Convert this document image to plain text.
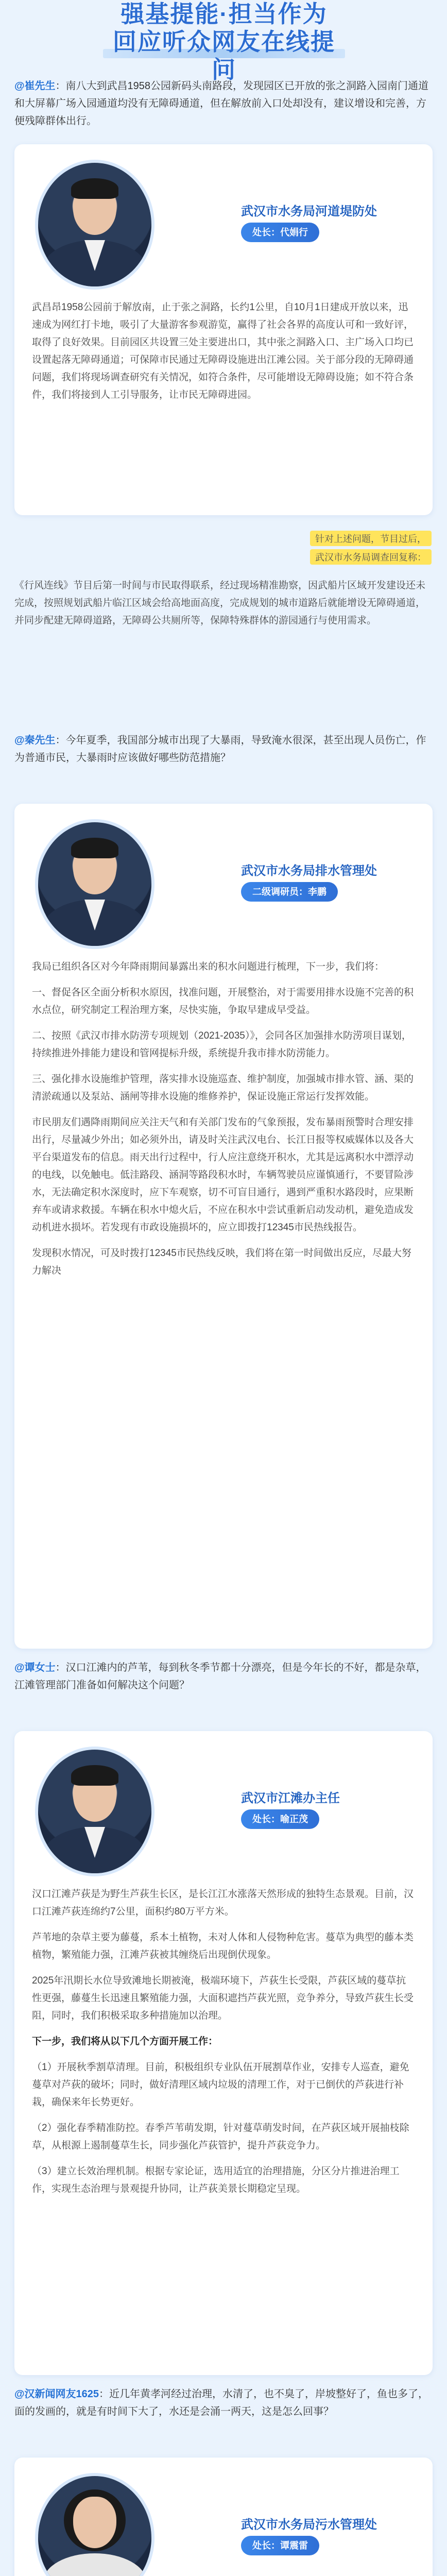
强基提能·担当作为
回应听众网友在线提问
@崔先生：南八大到武昌1958公园新码头南路段，发现园区已开放的张之洞路入园南门通道和大屏幕广场入园通道均没有无障碍通道，但在解放前入口处却没有，建议增设和完善，方便残障群体出行。
武汉市水务局河道堤防处
处长：代娟行

武昌昂1958公园前于解放南，止于张之洞路，长约1公里，自10月1日建成开放以来，迅速成为网红打卡地，吸引了大量游客参观游览，赢得了社会各界的高度认可和一致好评，取得了良好效果。目前园区共设置三处主要进出口，其中张之洞路入口、主广场入口均已设置起落无障碍通道；可保障市民通过无障碍设施进出江滩公园。关于部分段的无障碍通问题，我们将现场调查研究有关情况，如符合条件，尽可能增设无障碍设施；如不符合条件，我们将接到人工引导服务，让市民无障碍进园。

针对上述问题，节目过后，
武汉市水务局调查回复称：
《行风连线》节目后第一时间与市民取得联系，经过现场精准勘察，因武船片区域开发建设还未完成，按照规划武船片临江区域会给高地面高度，完成规划的城市道路后就能增设无障碍通道，并同步配建无障碍道路，无障碍公共厕所等，保障特殊群体的游园通行与使用需求。
@秦先生：今年夏季，我国部分城市出现了大暴雨，导致淹水很深，甚至出现人员伤亡，作为普通市民，大暴雨时应该做好哪些防范措施？
武汉市水务局排水管理处
二级调研员：李鹏

我局已组织各区对今年降雨期间暴露出来的积水问题进行梳理，下一步，我们将：

一、督促各区全面分析积水原因，找准问题，开展整治，对于需要用排水设施不完善的积水点位，研究制定工程治理方案，尽快实施，争取早建成早受益。

二、按照《武汉市排水防涝专项规划（2021-2035）》，会同各区加强排水防涝项目谋划，持续推进外排能力建设和管网提标升级，系统提升我市排水防涝能力。

三、强化排水设施维护管理，落实排水设施巡查、维护制度，加强城市排水管、涵、渠的清淤疏通以及泵站、涵闸等排水设施的维修养护，保证设施正常运行发挥效能。

市民朋友们遇降雨期间应关注天气和有关部门发布的气象预报，发布暴雨预警时合理安排出行，尽量减少外出；如必须外出，请及时关注武汉电台、长江日报等权威媒体以及各大平台渠道发布的信息。雨天出行过程中，行人应注意绕开积水，尤其是远离积水中漂浮动的电线，以免触电。低洼路段、涵洞等路段积水时，车辆驾驶员应谨慎通行，不要冒险涉水，无法确定积水深度时，应下车观察，切不可盲目通行，遇到严重积水路段时，应果断弃车或请求救援。车辆在积水中熄火后，不应在积水中尝试重新启动发动机，避免造成发动机进水损坏。若发现有市政设施损坏的，应立即拨打12345市民热线报告。

发现积水情况，可及时拨打12345市民热线反映，我们将在第一时间做出反应，尽最大努力解决

@谭女士：汉口江滩内的芦苇，每到秋冬季节都十分漂亮，但是今年长的不好，都是杂草，江滩管理部门准备如何解决这个问题？
武汉市江滩办主任
处长：喻正茂

汉口江滩芦荻是为野生芦荻生长区，是长江江水涨落天然形成的独特生态景观。目前，汉口江滩芦荻连绵约7公里，面积约80万平方米。

芦苇地的杂草主要为藤蔓，系本土植物，未对人体和人侵物种危害。蔓草为典型的藤本类植物，繁殖能力强，江滩芦荻被其缠绕后出现倒伏现象。

2025年汛期长水位导致滩地长期被淹，极端环境下，芦荻生长受限，芦荻区域的蔓草抗性更强，藤蔓生长迅速且繁殖能力强，大面积遮挡芦荻光照，竞争养分，导致芦荻生长受阻，同时，我们积极采取多种措施加以治理。

下一步，我们将从以下几个方面开展工作：

（1）开展秋季割草清理。目前，积极组织专业队伍开展割草作业，安排专人巡查，避免蔓草对芦荻的破坏；同时，做好清理区域内垃圾的清理工作，对于已倒伏的芦荻进行补栽，确保来年长势更好。

（2）强化春季精准防控。春季芦苇萌发期，针对蔓草萌发时间，在芦荻区域开展抽枝除草，从根源上遏制蔓草生长，同步强化芦荻管护，提升芦荻竞争力。

（3）建立长效治理机制。根据专家论证，选用适宜的治理措施，分区分片推进治理工作，实现生态治理与景观提升协同，让芦荻美景长期稳定呈现。

@汉新闻网友1625：近几年黄孝河经过治理，水清了，也不臭了，岸坡整好了，鱼也多了，面的发画的，就是有时间下大了，水还是会涌一两天，这是怎么回事？
武汉市水务局污水管理处
处长：谭震雷
